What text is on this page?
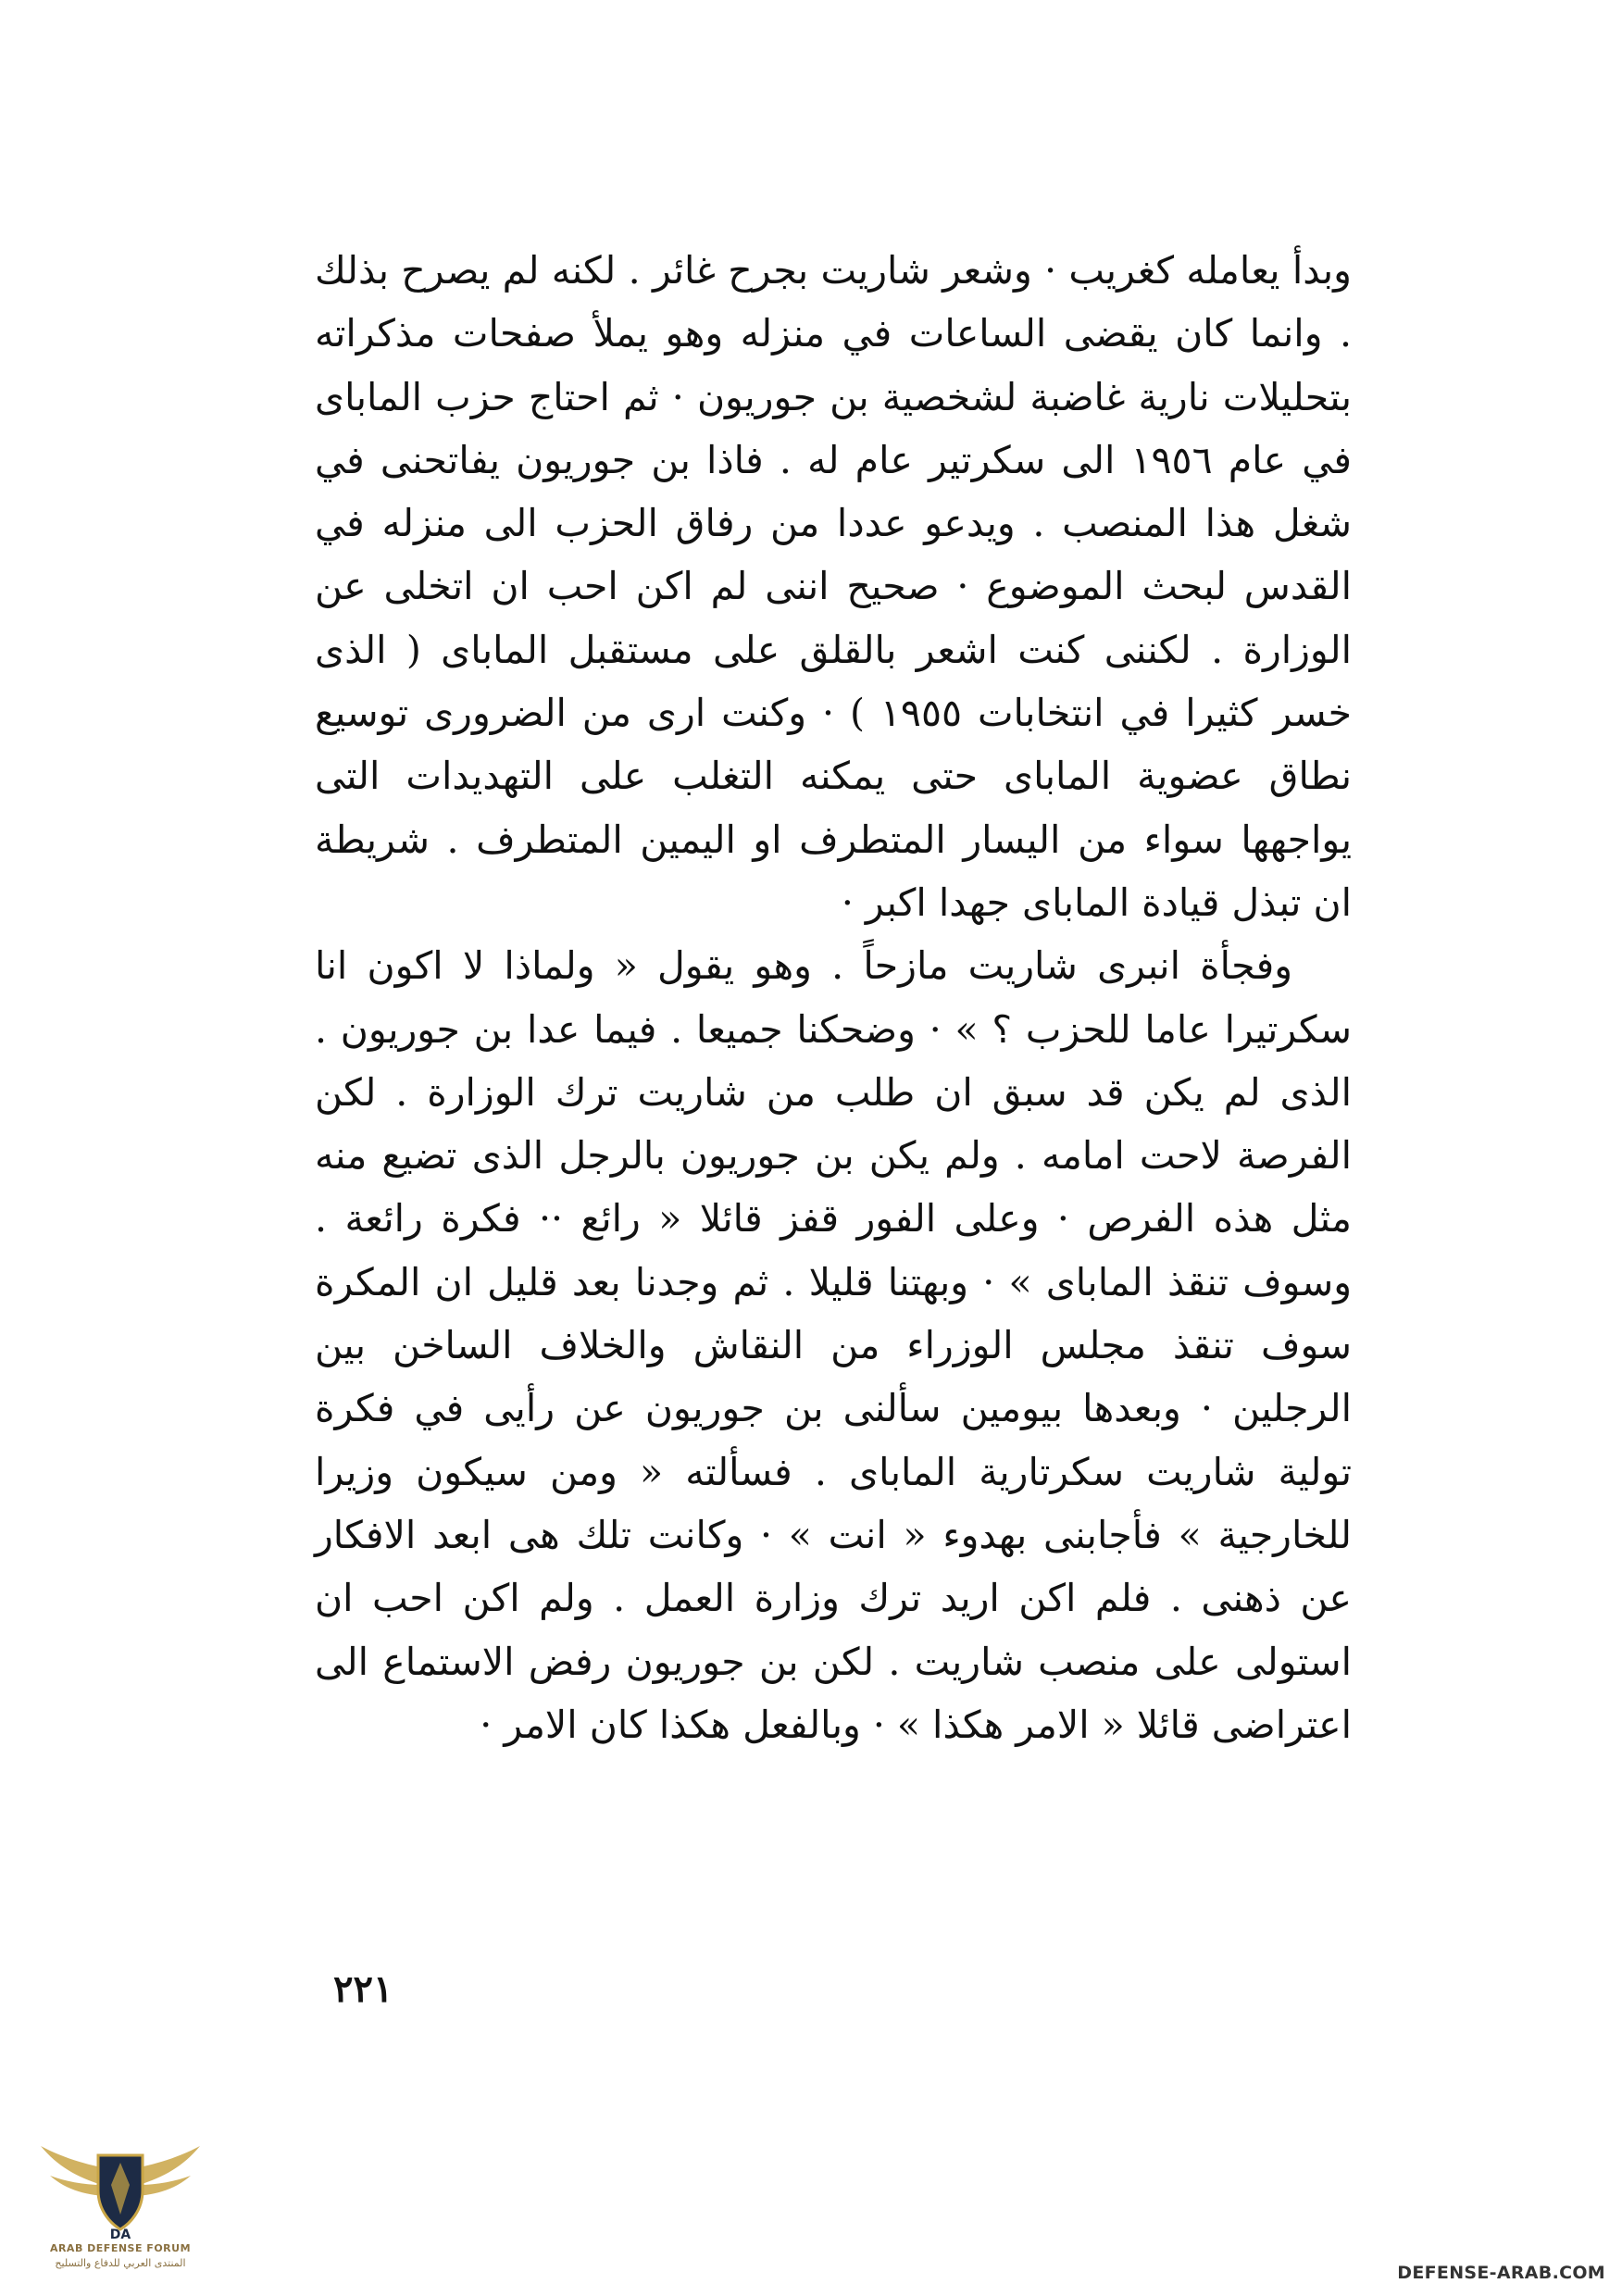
وبدأ يعامله كغريب · وشعر شاريت بجرح غائر . لكنه لم يصرح بذلك . وانما كان يقضى الساعات في منزله وهو يملأ صفحات مذكراته بتحليلات نارية غاضبة لشخصية بن جوريون · ثم احتاج حزب الماباى في عام ١٩٥٦ الى سكرتير عام له . فاذا بن جوريون يفاتحنى في شغل هذا المنصب . ويدعو عددا من رفاق الحزب الى منزله في القدس لبحث الموضوع · صحيح اننى لم اكن احب ان اتخلى عن الوزارة . لكننى كنت اشعر بالقلق على مستقبل الماباى ( الذى خسر كثيرا في انتخابات ١٩٥٥ ) · وكنت ارى من الضرورى توسيع نطاق عضوية الماباى حتى يمكنه التغلب على التهديدات التى يواجهها سواء من اليسار المتطرف او اليمين المتطرف . شريطة ان تبذل قيادة الماباى جهدا اكبر ·

وفجأة انبرى شاريت مازحاً . وهو يقول « ولماذا لا اكون انا سكرتيرا عاما للحزب ؟ » · وضحكنا جميعا . فيما عدا بن جوريون . الذى لم يكن قد سبق ان طلب من شاريت ترك الوزارة . لكن الفرصة لاحت امامه . ولم يكن بن جوريون بالرجل الذى تضيع منه مثل هذه الفرص · وعلى الفور قفز قائلا « رائع ·· فكرة رائعة . وسوف تنقذ الماباى » · وبهتنا قليلا . ثم وجدنا بعد قليل ان المكرة سوف تنقذ مجلس الوزراء من النقاش والخلاف الساخن بين الرجلين · وبعدها بيومين سألنى بن جوريون عن رأيى في فكرة تولية شاريت سكرتارية الماباى . فسألته « ومن سيكون وزيرا للخارجية » فأجابنى بهدوء « انت » · وكانت تلك هى ابعد الافكار عن ذهنى . فلم اكن اريد ترك وزارة العمل . ولم اكن احب ان استولى على منصب شاريت . لكن بن جوريون رفض الاستماع الى اعتراضى قائلا « الامر هكذا » · وبالفعل هكذا كان الامر ·

٢٢١
DA
ARAB DEFENSE FORUM
المنتدى العربي للدفاع والتسليح	DEFENSE-ARAB.COM
